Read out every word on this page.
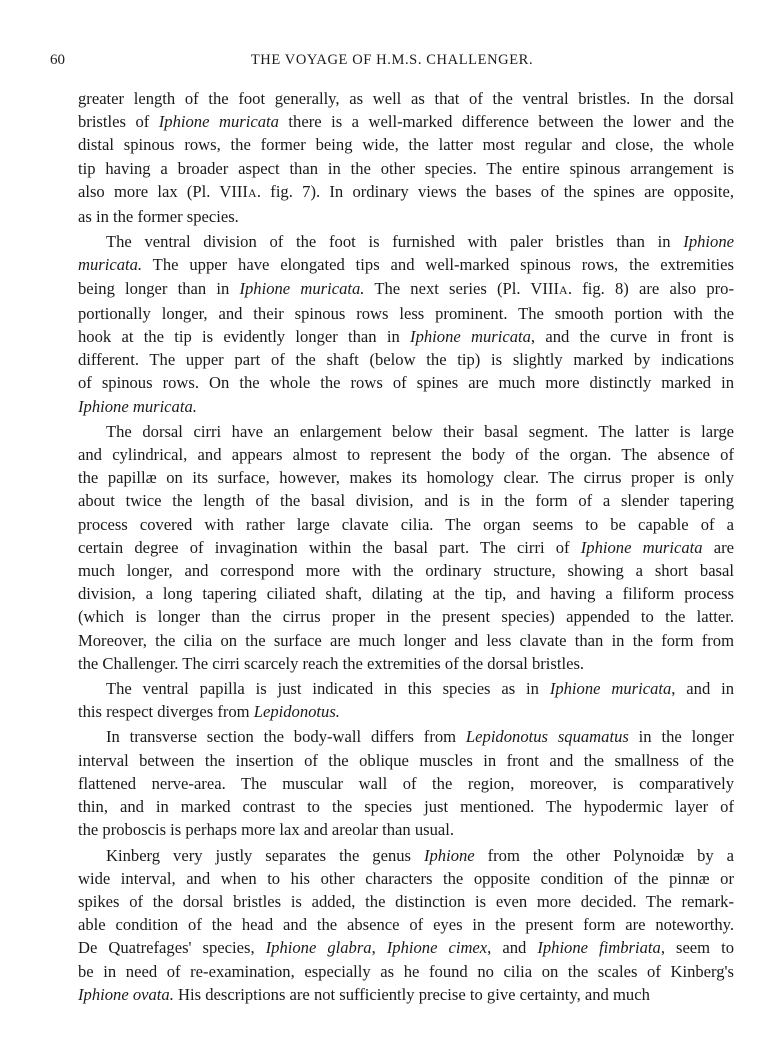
60	THE VOYAGE OF H.M.S. CHALLENGER.
greater length of the foot generally, as well as that of the ventral bristles. In the dorsal
bristles of Iphione muricata there is a well-marked difference between the lower and the
distal spinous rows, the former being wide, the latter most regular and close, the whole
tip having a broader aspect than in the other species. The entire spinous arrangement is
also more lax (Pl. VIIIA. fig. 7). In ordinary views the bases of the spines are opposite,
as in the former species.
The ventral division of the foot is furnished with paler bristles than in Iphione
muricata. The upper have elongated tips and well-marked spinous rows, the extremities
being longer than in Iphione muricata. The next series (Pl. VIIIA. fig. 8) are also pro-
portionally longer, and their spinous rows less prominent. The smooth portion with the
hook at the tip is evidently longer than in Iphione muricata, and the curve in front is
different. The upper part of the shaft (below the tip) is slightly marked by indications
of spinous rows. On the whole the rows of spines are much more distinctly marked in
Iphione muricata.
The dorsal cirri have an enlargement below their basal segment. The latter is large
and cylindrical, and appears almost to represent the body of the organ. The absence of
the papillæ on its surface, however, makes its homology clear. The cirrus proper is only
about twice the length of the basal division, and is in the form of a slender tapering
process covered with rather large clavate cilia. The organ seems to be capable of a
certain degree of invagination within the basal part. The cirri of Iphione muricata are
much longer, and correspond more with the ordinary structure, showing a short basal
division, a long tapering ciliated shaft, dilating at the tip, and having a filiform process
(which is longer than the cirrus proper in the present species) appended to the latter.
Moreover, the cilia on the surface are much longer and less clavate than in the form from
the Challenger. The cirri scarcely reach the extremities of the dorsal bristles.
The ventral papilla is just indicated in this species as in Iphione muricata, and in
this respect diverges from Lepidonotus.
In transverse section the body-wall differs from Lepidonotus squamatus in the longer
interval between the insertion of the oblique muscles in front and the smallness of the
flattened nerve-area. The muscular wall of the region, moreover, is comparatively
thin, and in marked contrast to the species just mentioned. The hypodermic layer of
the proboscis is perhaps more lax and areolar than usual.
Kinberg very justly separates the genus Iphione from the other Polynoidæ by a
wide interval, and when to his other characters the opposite condition of the pinnæ or
spikes of the dorsal bristles is added, the distinction is even more decided. The remark-
able condition of the head and the absence of eyes in the present form are noteworthy.
De Quatrefages' species, Iphione glabra, Iphione cimex, and Iphione fimbriata, seem to
be in need of re-examination, especially as he found no cilia on the scales of Kinberg's
Iphione ovata. His descriptions are not sufficiently precise to give certainty, and much
